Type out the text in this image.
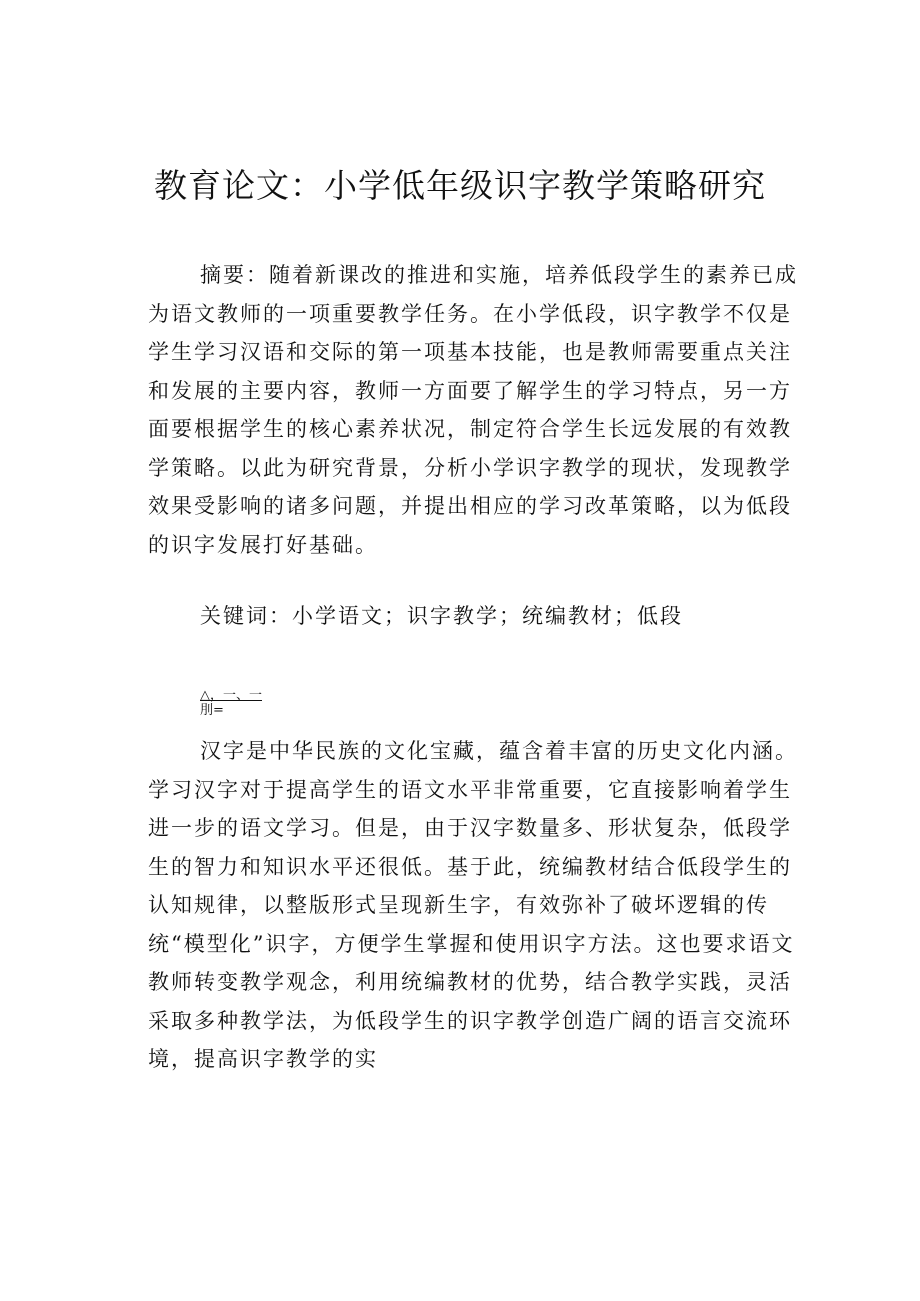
教育论文：小学低年级识字教学策略研究

摘要：随着新课改的推进和实施，培养低段学生的素养已成为语文教师的一项重要教学任务。在小学低段，识字教学不仅是学生学习汉语和交际的第一项基本技能，也是教师需要重点关注和发展的主要内容，教师一方面要了解学生的学习特点，另一方面要根据学生的核心素养状况，制定符合学生长远发展的有效教学策略。以此为研究背景，分析小学识字教学的现状，发现教学效果受影响的诸多问题，并提出相应的学习改革策略，以为低段的识字发展打好基础。

关键词：小学语文；识字教学；统编教材；低段

△，一、一
刖=

汉字是中华民族的文化宝藏，蕴含着丰富的历史文化内涵。学习汉字对于提高学生的语文水平非常重要，它直接影响着学生进一步的语文学习。但是，由于汉字数量多、形状复杂，低段学生的智力和知识水平还很低。基于此，统编教材结合低段学生的认知规律，以整版形式呈现新生字，有效弥补了破坏逻辑的传统“模型化”识字，方便学生掌握和使用识字方法。这也要求语文教师转变教学观念，利用统编教材的优势，结合教学实践，灵活采取多种教学法，为低段学生的识字教学创造广阔的语言交流环境，提高识字教学的实
